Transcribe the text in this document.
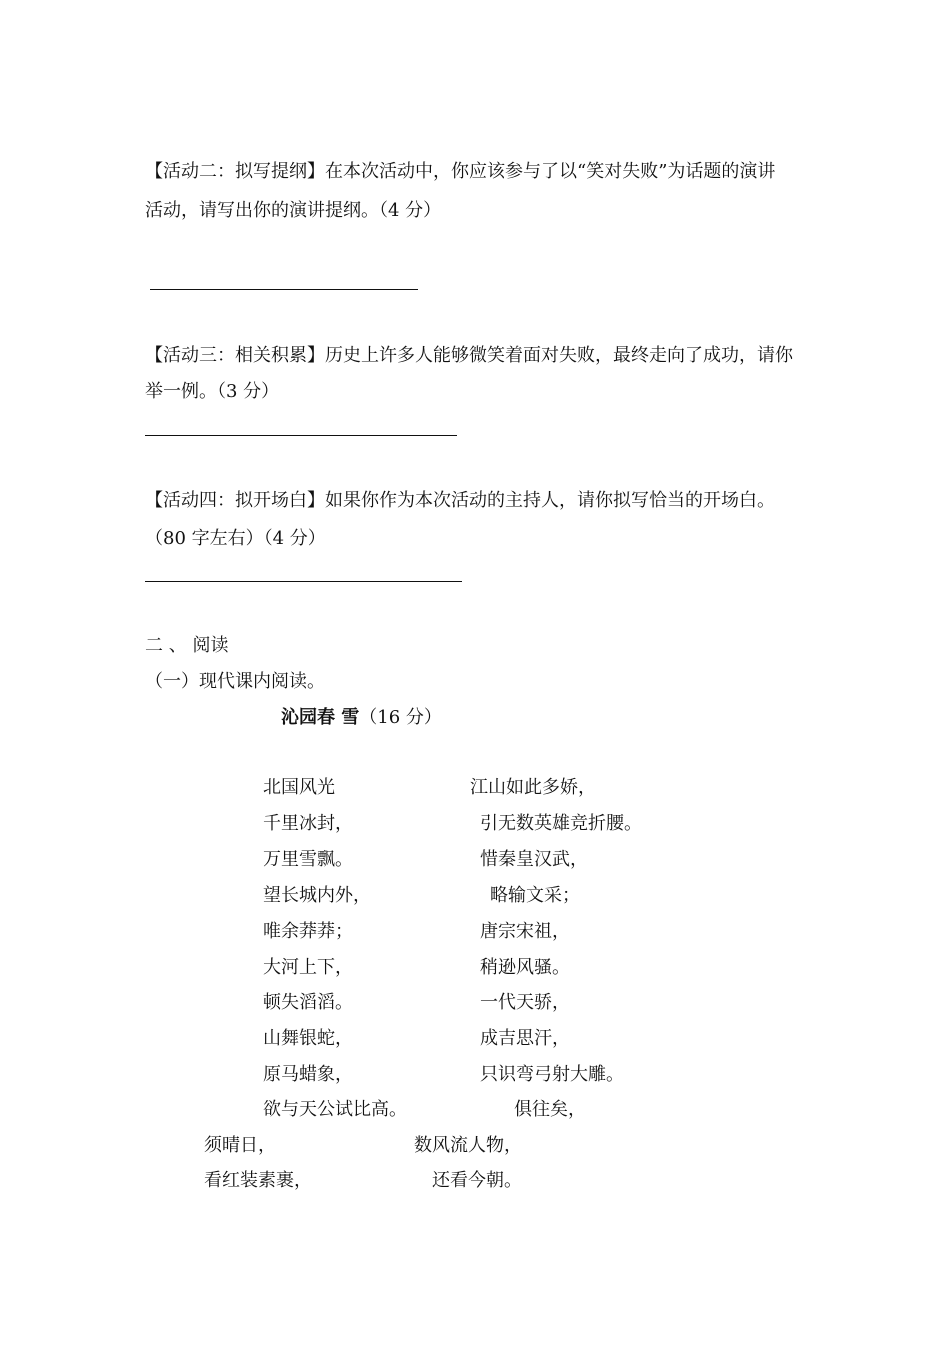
【活动二：拟写提纲】在本次活动中，你应该参与了以“笑对失败”为话题的演讲
活动，请写出你的演讲提纲。（4 分）
【活动三：相关积累】历史上许多人能够微笑着面对失败，最终走向了成功，请你
举一例。（3 分）
【活动四：拟开场白】如果你作为本次活动的主持人，请你拟写恰当的开场白。
（80 字左右）（4 分）
二 、 阅读
（一）现代课内阅读。
沁园春 雪（16 分）
北国风光
千里冰封，
万里雪飘。
望长城内外，
唯余莽莽；
大河上下，
顿失滔滔。
山舞银蛇，
原马蜡象，
欲与天公试比高。
江山如此多娇，
引无数英雄竞折腰。
惜秦皇汉武，
略输文采；
唐宗宋祖，
稍逊风骚。
一代天骄，
成吉思汗，
只识弯弓射大雕。
俱往矣，
须晴日，
看红装素裹，
数风流人物，
还看今朝。
